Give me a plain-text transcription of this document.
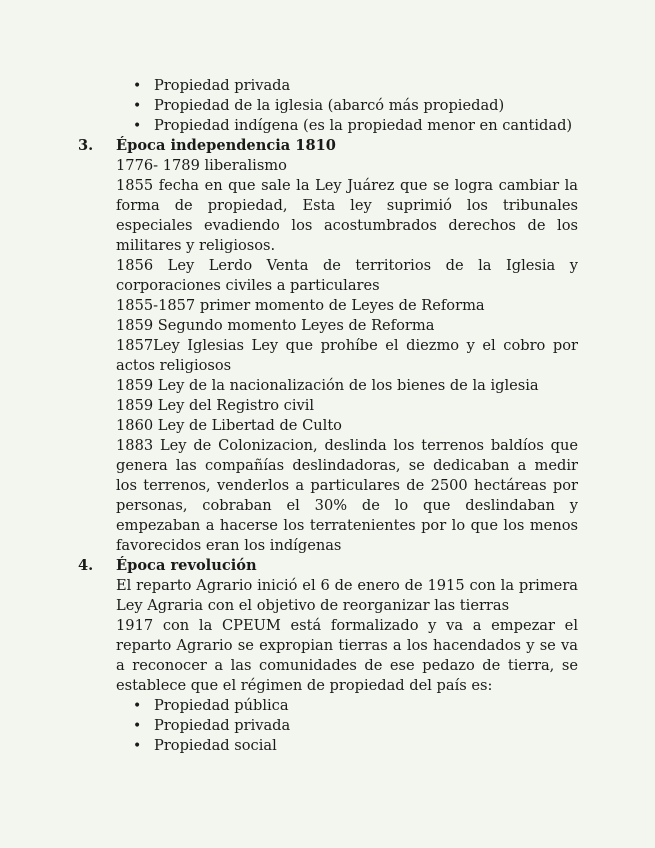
• Propiedad privada
• Propiedad de la iglesia (abarcó más propiedad)
• Propiedad indígena (es la propiedad menor en cantidad)
3. Época independencia 1810
1776- 1789 liberalismo
1855 fecha en que sale la Ley Juárez que se logra cambiar la forma de propiedad, Esta ley suprimió los tribunales especiales evadiendo los acostumbrados derechos de los militares y religiosos.
1856 Ley Lerdo Venta de territorios de la Iglesia y corporaciones civiles a particulares
1855-1857 primer momento de Leyes de Reforma
1859 Segundo momento Leyes de Reforma
1857Ley Iglesias Ley que prohíbe el diezmo y el cobro por actos religiosos
1859 Ley de la nacionalización de los bienes de la iglesia
1859 Ley del Registro civil
1860 Ley de Libertad de Culto
1883 Ley de Colonizacion, deslinda los terrenos baldíos que genera las compañías deslindadoras, se dedicaban a medir los terrenos, venderlos a particulares de 2500 hectáreas por personas, cobraban el 30% de lo que deslindaban y empezaban a hacerse los terratenientes por lo que los menos favorecidos eran los indígenas
4. Época revolución
El reparto Agrario inició el 6 de enero de 1915 con la primera Ley Agraria con el objetivo de reorganizar las tierras
1917 con la CPEUM está formalizado y va a empezar el reparto Agrario se expropian tierras a los hacendados y se va a reconocer a las comunidades de ese pedazo de tierra, se establece que el régimen de propiedad del país es:
• Propiedad pública
• Propiedad privada
• Propiedad social
